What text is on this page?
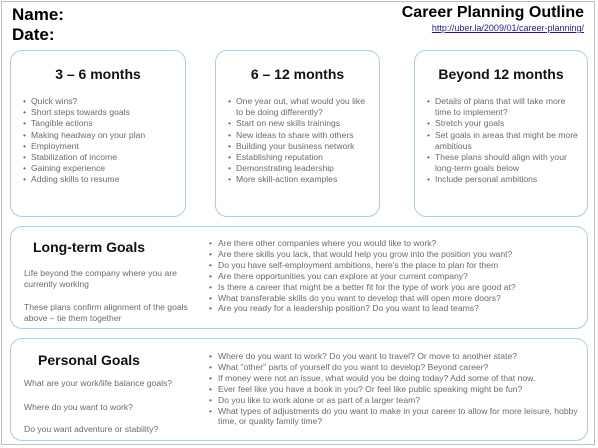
Name:
Date:
Career Planning Outline
http://uber.la/2009/01/career-planning/
3 – 6 months
• Quick wins?
• Short steps towards goals
• Tangible actions
• Making headway on your plan
• Employment
• Stabilization of income
• Gaining experience
• Adding skills to resume
6 – 12 months
• One year out, what would you like to be doing differently?
• Start on new skills trainings
• New ideas to share with others
• Building your business network
• Establishing reputation
• Demonstrating leadership
• More skill-action examples
Beyond 12 months
• Details of plans that will take more time to implement?
• Stretch your goals
• Set goals in areas that might be more ambitious
• These plans should align with your long-term goals below
• Include personal ambitions
Long-term Goals
Life beyond the company where you are currently working
These plans confirm alignment of the goals above – tie them together
• Are there other companies where you would like to work?
• Are there skills you lack, that would help you grow into the position you want?
• Do you have self-employment ambitions, here's the place to plan for them
• Are there opportunities you can explore at your current company?
• Is there a career that might be a better fit for the type of work you are good at?
• What transferable skills do you want to develop that will open more doors?
• Are you ready for a leadership position? Do you want to lead teams?
Personal Goals
What are your work/life balance goals?
Where do you want to work?
Do you want adventure or stability?
• Where do you want to work? Do you want to travel? Or move to another state?
• What "other" parts of yourself do you want to develop? Beyond career?
• If money were not an issue, what would you be doing today? Add some of that now.
• Ever feel like you have a book in you? Or feel like public speaking might be fun?
• Do you like to work alone or as part of a larger team?
• What types of adjustments do you want to make in your career to allow for more leisure, hobby time, or quality family time?
